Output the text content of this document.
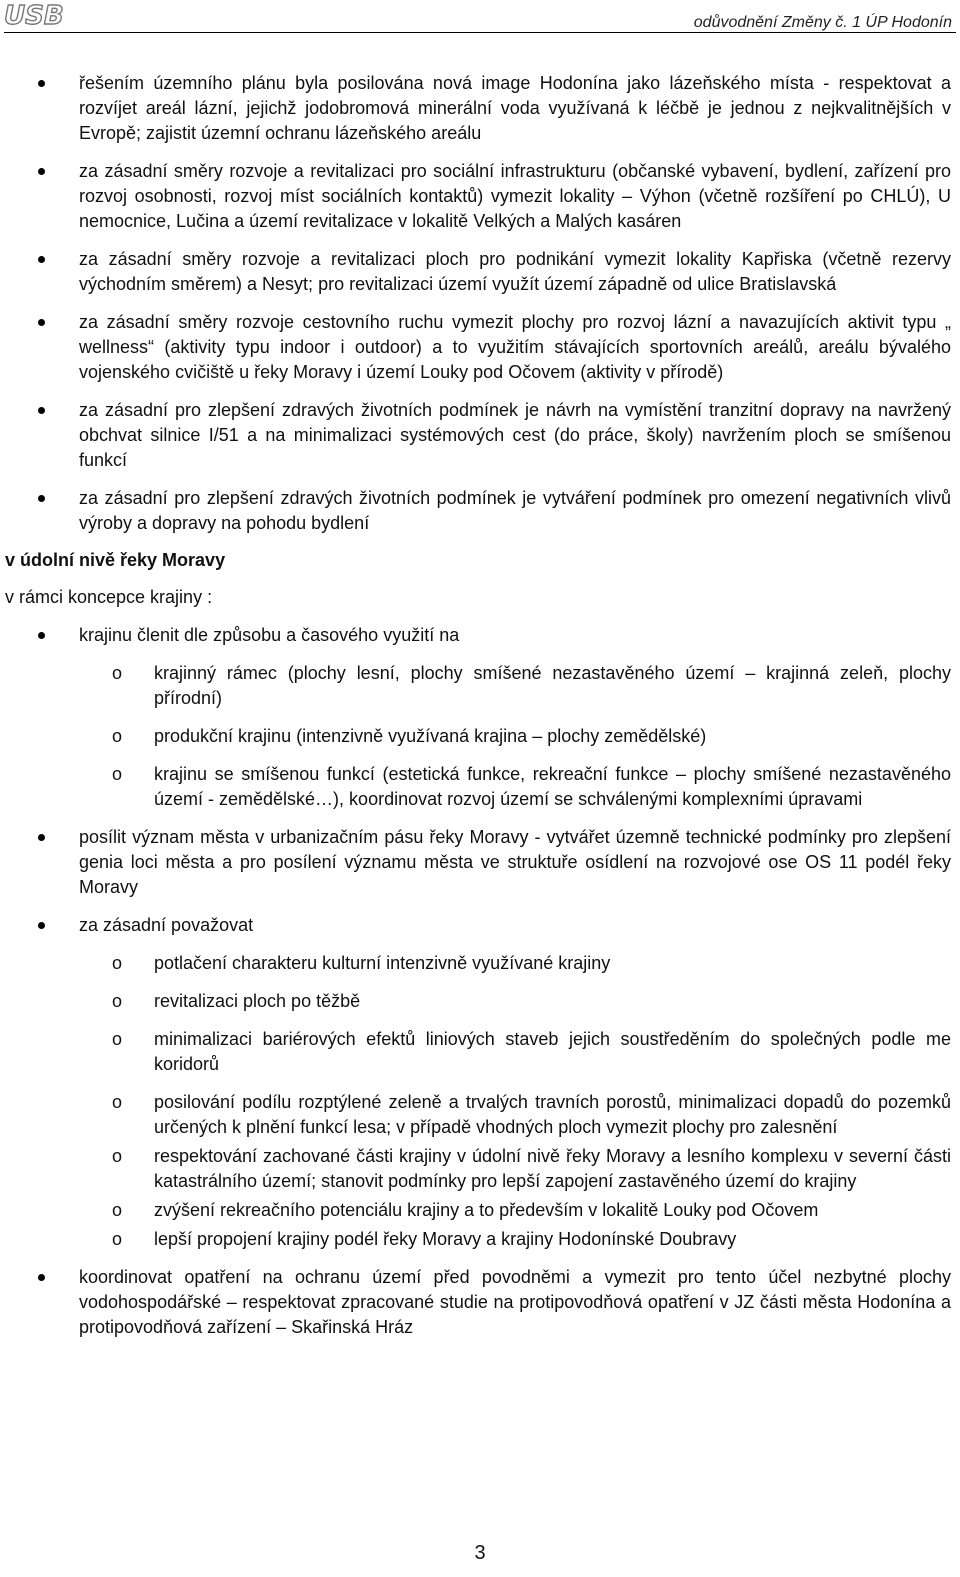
USB	odůvodnění Změny č. 1 ÚP Hodonín
řešením územního plánu byla posilována nová image Hodonína jako lázeňského místa - respektovat a rozvíjet areál lázní, jejichž jodobromová minerální voda využívaná k léčbě je jednou z nejkvalitnějších v Evropě; zajistit územní ochranu lázeňského areálu
za zásadní směry rozvoje a revitalizaci pro sociální infrastrukturu (občanské vybavení, bydlení, zařízení pro rozvoj osobnosti, rozvoj míst sociálních kontaktů) vymezit lokality – Výhon (včetně rozšíření po CHLÚ), U nemocnice, Lučina a území revitalizace v lokalitě Velkých a Malých kasáren
za zásadní směry rozvoje a revitalizaci ploch pro podnikání vymezit lokality Kapřiska (včetně rezervy východním směrem) a Nesyt; pro revitalizaci území využít území západně od ulice Bratislavská
za zásadní směry rozvoje cestovního ruchu vymezit plochy pro rozvoj lázní a navazujících aktivit typu „ wellness“ (aktivity typu indoor i outdoor) a to využitím stávajících sportovních areálů, areálu bývalého vojenského cvičiště u řeky Moravy i území Louky pod Očovem (aktivity v přírodě)
za zásadní pro zlepšení zdravých životních podmínek je návrh na vymístění tranzitní dopravy na navržený obchvat silnice I/51 a na minimalizaci systémových cest (do práce, školy) navržením ploch se smíšenou funkcí
za zásadní pro zlepšení zdravých životních podmínek je vytváření podmínek pro omezení negativních vlivů výroby a dopravy na pohodu bydlení
v údolní nivě řeky Moravy
v rámci koncepce krajiny :
krajinu členit dle způsobu a časového využití na
o krajinný rámec (plochy lesní, plochy smíšené nezastavěného území – krajinná zeleň, plochy přírodní)
o produkční krajinu (intenzivně využívaná krajina – plochy zemědělské)
o krajinu se smíšenou funkcí (estetická funkce, rekreační funkce – plochy smíšené nezastavěného území - zemědělské…), koordinovat rozvoj území se schválenými komplexními úpravami
posílit význam města v urbanizačním pásu řeky Moravy - vytvářet územně technické podmínky pro zlepšení genia loci města a pro posílení významu města ve struktuře osídlení na rozvojové ose OS 11 podél řeky Moravy
za zásadní považovat
o potlačení charakteru kulturní intenzivně využívané krajiny
o revitalizaci ploch po těžbě
o minimalizaci bariérových efektů liniových staveb jejich soustředěním do společných podle me koridorů
o posilování podílu rozptýlené zeleně a trvalých travních porostů, minimalizaci dopadů do pozemků určených k plnění funkcí lesa; v případě vhodných ploch vymezit plochy pro zalesnění
o respektování zachované části krajiny v údolní nivě řeky Moravy a lesního komplexu v severní části katastrálního území; stanovit podmínky pro lepší zapojení zastavěného území do krajiny
o zvýšení rekreačního potenciálu krajiny a to především v lokalitě Louky pod Očovem
o lepší propojení krajiny podél řeky Moravy a krajiny Hodonínské Doubravy
koordinovat opatření na ochranu území před povodněmi a vymezit pro tento účel nezbytné plochy vodohospodářské – respektovat zpracované studie na protipovodňová opatření v JZ části města Hodonína a protipovodňová zařízení – Skařinská Hráz
3
